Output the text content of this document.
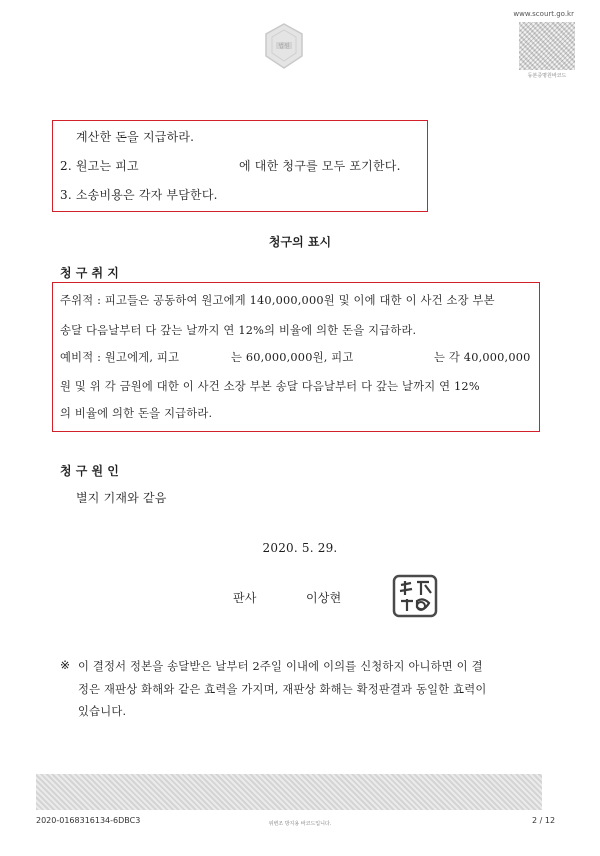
법원
www.scourt.go.kr
등본증명원바코드
계산한 돈을 지급하라.
2. 원고는 피고	에 대한 청구를 모두 포기한다.
3. 소송비용은 각자 부담한다.
청구의 표시
청 구 취 지
주위적 : 피고들은 공동하여 원고에게 140,000,000원 및 이에 대한 이 사건 소장 부본
송달 다음날부터 다 갚는 날까지 연 12%의 비율에 의한 돈을 지급하라.
예비적 : 원고에게, 피고	는 60,000,000원, 피고	는 각 40,000,000
원 및 위 각 금원에 대한 이 사건 소장 부본 송달 다음날부터 다 갚는 날까지 연 12%
의 비율에 의한 돈을 지급하라.
청 구 원 인
별지 기재와 같음
2020. 5. 29.
판사	이상현
※ 이 결정서 정본을 송달받은 날부터 2주일 이내에 이의를 신청하지 아니하면 이 결
정은 재판상 화해와 같은 효력을 가지며, 재판상 화해는 확정판결과 동일한 효력이
있습니다.
2020-0168316134-6DBC3	위변조 방지용 바코드입니다.	2 / 12
